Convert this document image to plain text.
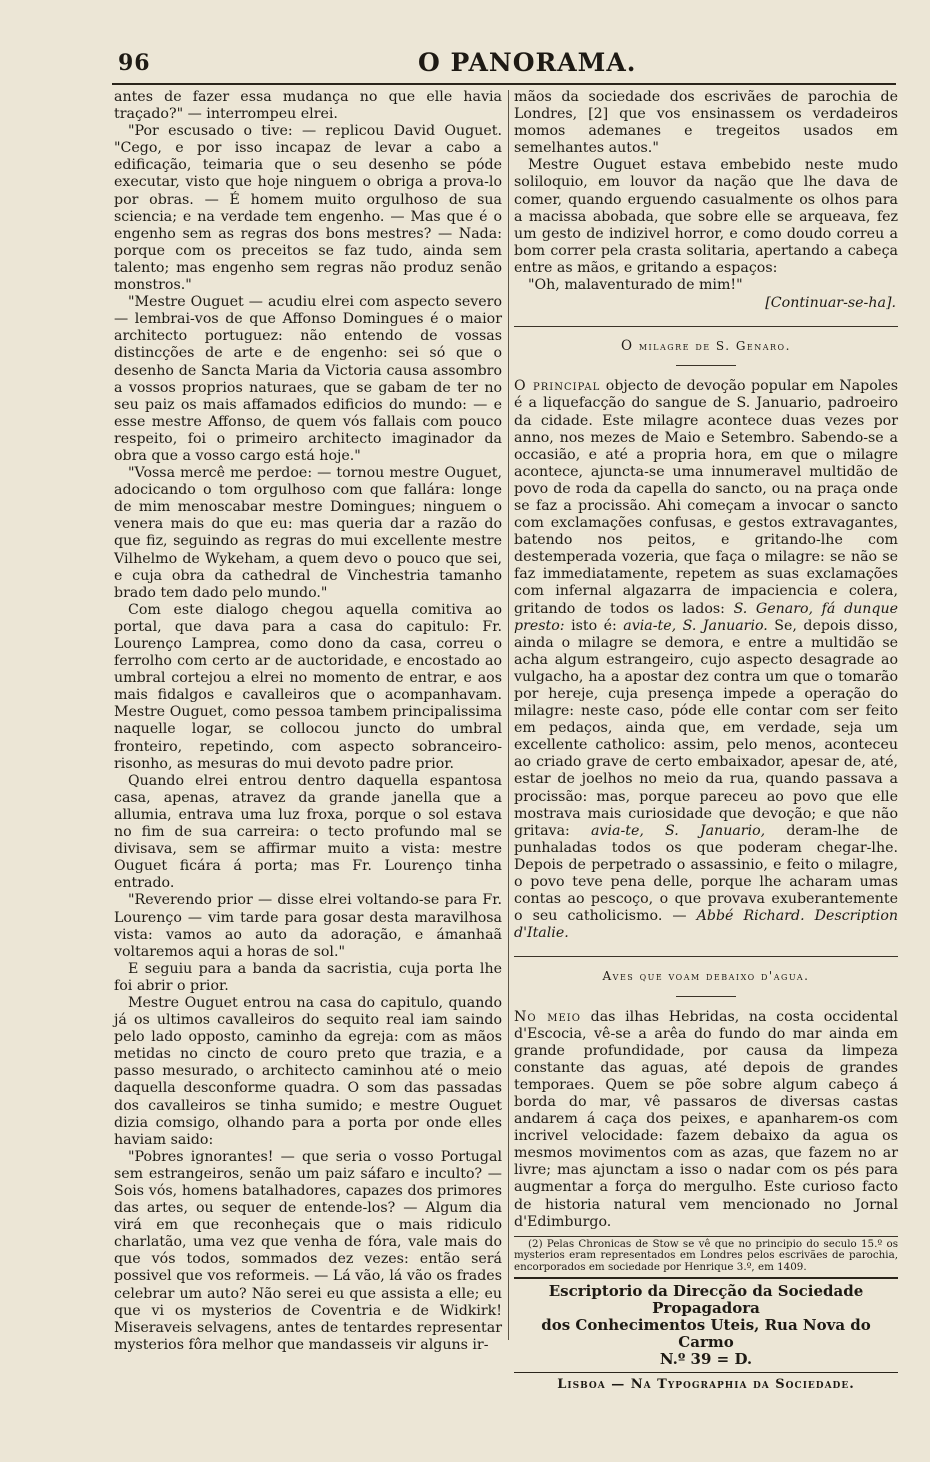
96	O PANORAMA.

antes de fazer essa mudança no que elle havia traçado?" — interrompeu elrei.

"Por escusado o tive: — replicou David Ouguet. "Cego, e por isso incapaz de levar a cabo a edificação, teimaria que o seu desenho se póde executar, visto que hoje ninguem o obriga a prova-lo por obras. — É homem muito orgulhoso de sua sciencia; e na verdade tem engenho. — Mas que é o engenho sem as regras dos bons mestres? — Nada: porque com os preceitos se faz tudo, ainda sem talento; mas engenho sem regras não produz senão monstros."

"Mestre Ouguet — acudiu elrei com aspecto severo — lembrai-vos de que Affonso Domingues é o maior architecto portuguez: não entendo de vossas distincções de arte e de engenho: sei só que o desenho de Sancta Maria da Victoria causa assombro a vossos proprios naturaes, que se gabam de ter no seu paiz os mais affamados edificios do mundo: — e esse mestre Affonso, de quem vós fallais com pouco respeito, foi o primeiro architecto imaginador da obra que a vosso cargo está hoje."

"Vossa mercê me perdoe: — tornou mestre Ouguet, adocicando o tom orgulhoso com que fallára: longe de mim menoscabar mestre Domingues; ninguem o venera mais do que eu: mas queria dar a razão do que fiz, seguindo as regras do mui excellente mestre Vilhelmo de Wykeham, a quem devo o pouco que sei, e cuja obra da cathedral de Vinchestria tamanho brado tem dado pelo mundo."

Com este dialogo chegou aquella comitiva ao portal, que dava para a casa do capitulo: Fr. Lourenço Lamprea, como dono da casa, correu o ferrolho com certo ar de auctoridade, e encostado ao umbral cortejou a elrei no momento de entrar, e aos mais fidalgos e cavalleiros que o acompanhavam. Mestre Ouguet, como pessoa tambem principalissima naquelle logar, se collocou juncto do umbral fronteiro, repetindo, com aspecto sobranceiro-risonho, as mesuras do mui devoto padre prior.

Quando elrei entrou dentro daquella espantosa casa, apenas, atravez da grande janella que a allumia, entrava uma luz froxa, porque o sol estava no fim de sua carreira: o tecto profundo mal se divisava, sem se affirmar muito a vista: mestre Ouguet ficára á porta; mas Fr. Lourenço tinha entrado.

"Reverendo prior — disse elrei voltando-se para Fr. Lourenço — vim tarde para gosar desta maravilhosa vista: vamos ao auto da adoração, e ámanhaã voltaremos aqui a horas de sol."

E seguiu para a banda da sacristia, cuja porta lhe foi abrir o prior.

Mestre Ouguet entrou na casa do capitulo, quando já os ultimos cavalleiros do sequito real iam saindo pelo lado opposto, caminho da egreja: com as mãos metidas no cincto de couro preto que trazia, e a passo mesurado, o architecto caminhou até o meio daquella desconforme quadra. O som das passadas dos cavalleiros se tinha sumido; e mestre Ouguet dizia comsigo, olhando para a porta por onde elles haviam saido:

"Pobres ignorantes! — que seria o vosso Portugal sem estrangeiros, senão um paiz sáfaro e inculto? — Sois vós, homens batalhadores, capazes dos primores das artes, ou sequer de entende-los? — Algum dia virá em que reconheçais que o mais ridiculo charlatão, uma vez que venha de fóra, vale mais do que vós todos, sommados dez vezes: então será possivel que vos reformeis. — Lá vão, lá vão os frades celebrar um auto? Não serei eu que assista a elle; eu que vi os mysterios de Coventria e de Widkirk! Miseraveis selvagens, antes de tentardes representar mysterios fôra melhor que mandasseis vir alguns ir-

mãos da sociedade dos escrivães de parochia de Londres, [2] que vos ensinassem os verdadeiros momos ademanes e tregeitos usados em semelhantes autos."

Mestre Ouguet estava embebido neste mudo soliloquio, em louvor da nação que lhe dava de comer, quando erguendo casualmente os olhos para a macissa abobada, que sobre elle se arqueava, fez um gesto de indizivel horror, e como doudo correu a bom correr pela crasta solitaria, apertando a cabeça entre as mãos, e gritando a espaços:

"Oh, malaventurado de mim!"

[Continuar-se-ha].
O milagre de S. Genaro.

O principal objecto de devoção popular em Napoles é a liquefacção do sangue de S. Januario, padroeiro da cidade. Este milagre acontece duas vezes por anno, nos mezes de Maio e Setembro. Sabendo-se a occasião, e até a propria hora, em que o milagre acontece, ajuncta-se uma innumeravel multidão de povo de roda da capella do sancto, ou na praça onde se faz a procissão. Ahi começam a invocar o sancto com exclamações confusas, e gestos extravagantes, batendo nos peitos, e gritando-lhe com destemperada vozeria, que faça o milagre: se não se faz immediatamente, repetem as suas exclamações com infernal algazarra de impaciencia e colera, gritando de todos os lados: S. Genaro, fá dunque presto: isto é: avia-te, S. Januario. Se, depois disso, ainda o milagre se demora, e entre a multidão se acha algum estrangeiro, cujo aspecto desagrade ao vulgacho, ha a apostar dez contra um que o tomarão por hereje, cuja presença impede a operação do milagre: neste caso, póde elle contar com ser feito em pedaços, ainda que, em verdade, seja um excellente catholico: assim, pelo menos, aconteceu ao criado grave de certo embaixador, apesar de, até, estar de joelhos no meio da rua, quando passava a procissão: mas, porque pareceu ao povo que elle mostrava mais curiosidade que devoção; e que não gritava: avia-te, S. Januario, deram-lhe de punhaladas todos os que poderam chegar-lhe. Depois de perpetrado o assassinio, e feito o milagre, o povo teve pena delle, porque lhe acharam umas contas ao pescoço, o que provava exuberantemente o seu catholicismo. — Abbé Richard. Description d'Italie.

Aves que voam debaixo d'agua.

No meio das ilhas Hebridas, na costa occidental d'Escocia, vê-se a arêa do fundo do mar ainda em grande profundidade, por causa da limpeza constante das aguas, até depois de grandes temporaes. Quem se põe sobre algum cabeço á borda do mar, vê passaros de diversas castas andarem á caça dos peixes, e apanharem-os com incrivel velocidade: fazem debaixo da agua os mesmos movimentos com as azas, que fazem no ar livre; mas ajunctam a isso o nadar com os pés para augmentar a força do mergulho. Este curioso facto de historia natural vem mencionado no Jornal d'Edimburgo.

(2) Pelas Chronicas de Stow se vê que no principio do seculo 15.º os mysterios eram representados em Londres pelos escrivães de parochia, encorporados em sociedade por Henrique 3.º, em 1409.

Escriptorio da Direcção da Sociedade Propagadora
dos Conhecimentos Uteis, Rua Nova do Carmo
N.º 39 = D.
Lisboa — Na Typographia da Sociedade.
